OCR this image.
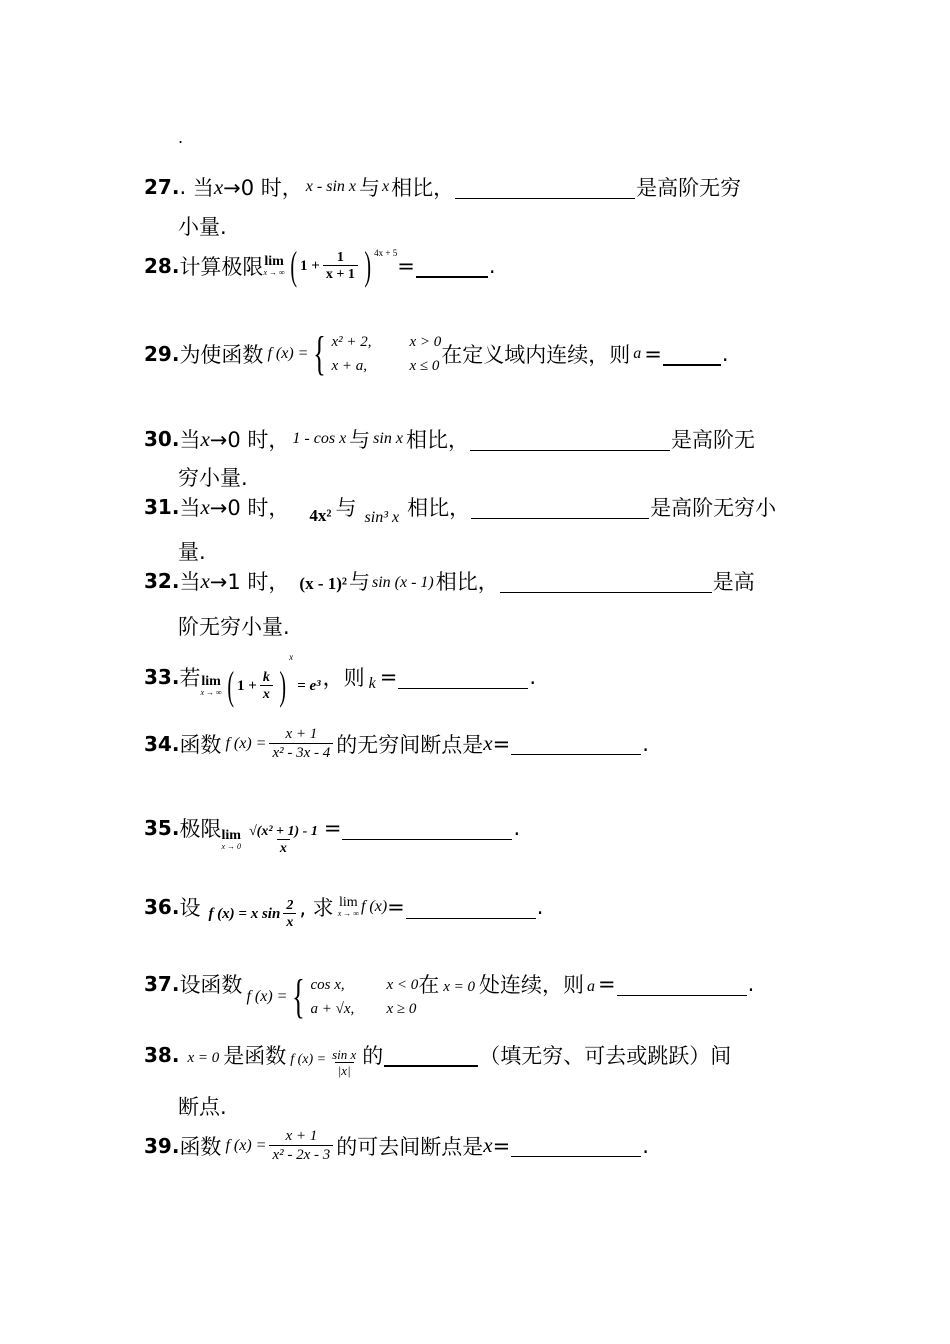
.
27. .
当 x →0 时， x - sin x 与 x 相比，	是高阶无穷
小量.
28. 计算极限 lim
x → ∞ ( $1 + \frac{1}{x + 1}$ ) 4x + 5
=	.
29. 为使函数 f (x) = { x² + 2,	x > 0
x + a,	x ≤ 0 在定义域内连续，则 a =	.
30. 当 x →0 时， 1 - cos x 与 sin x 相比，	是高阶无
穷小量.
31. 当 x →0 时， 4x² 与 sin³ x 相比，	是高阶无穷小
量.
32. 当 x →1 时， (x - 1)² 与 sin (x - 1) 相比，	是高
阶无穷小量.
33. 若 lim
x → ∞ ( $1 + \frac{k}{x}$ )
x
= e³ ，则 k =	.
34. 函数 f $(x) = \frac{x + 1}{\text{x² - 3x - 4}}$ 的无穷间断点是 x =	.
35. 极限 lim
$x \to 0 \frac{\text{√(x² + 1) - 1}}{x}$ =	.
36. 设 f (x) = x $\sin \frac{2}{x}$ , 求 lim
x → ∞ f (x) =	.
37. 设函数 f (x) = { cos x,	x < 0
a + √x,	x ≥ 0
在 x = 0 处连续，则 a =	.
38. x = 0 是函数 f $(x) = \frac{\text{sin x}}{|x|}$ 的	（填无穷、可去或跳跃）间
断点.
39. 函数 f $(x) = \frac{x + 1}{\text{x² - 2x - 3}}$ 的可去间断点是 x =	.
